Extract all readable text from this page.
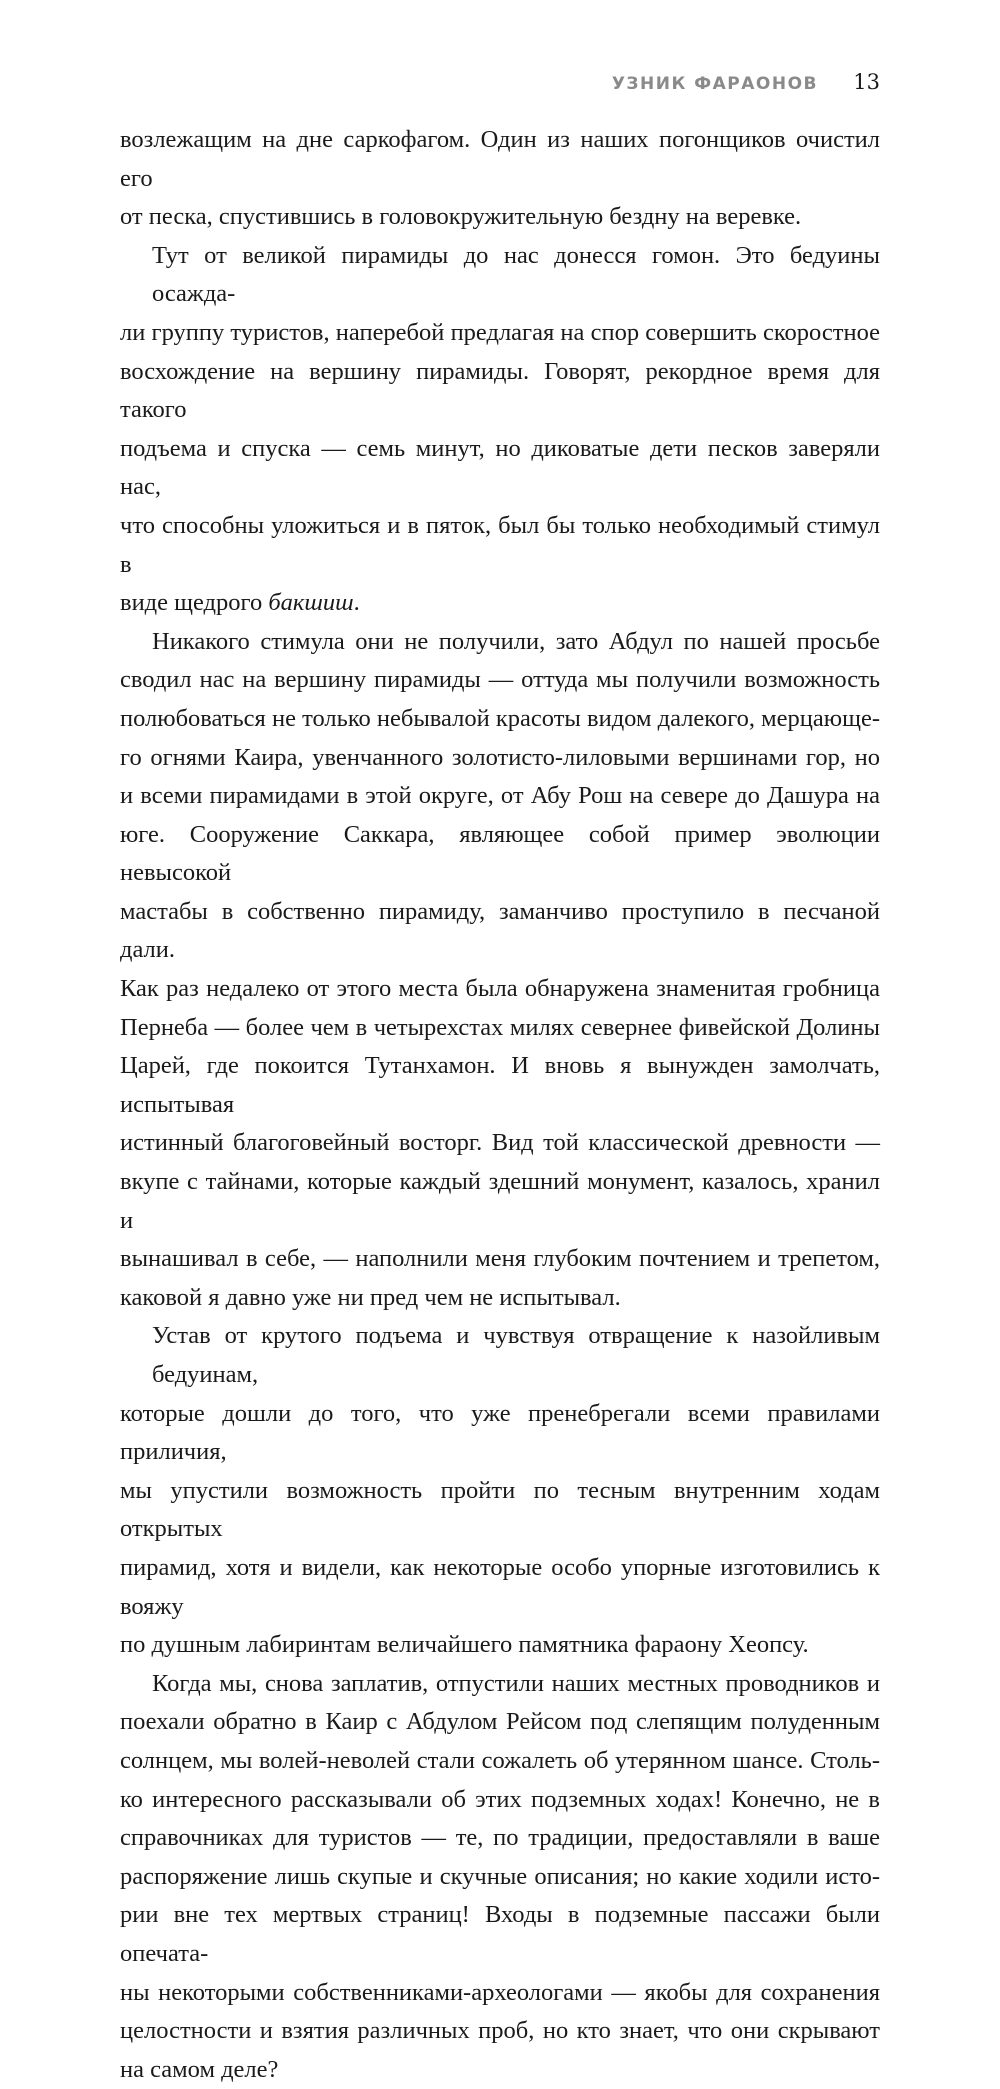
УЗНИК ФАРАОНОВ 13

возлежащим на дне саркофагом. Один из наших погонщиков очистил его
от песка, спустившись в головокружительную бездну на веревке.

Тут от великой пирамиды до нас донесся гомон. Это бедуины осажда-
ли группу туристов, наперебой предлагая на спор совершить скоростное
восхождение на вершину пирамиды. Говорят, рекордное время для такого
подъема и спуска — семь минут, но диковатые дети песков заверяли нас,
что способны уложиться и в пяток, был бы только необходимый стимул в
виде щедрого бакшиш.

Никакого стимула они не получили, зато Абдул по нашей просьбе
сводил нас на вершину пирамиды — оттуда мы получили возможность
полюбоваться не только небывалой красоты видом далекого, мерцающе-
го огнями Каира, увенчанного золотисто-лиловыми вершинами гор, но
и всеми пирамидами в этой округе, от Абу Рош на севере до Дашура на
юге. Сооружение Саккара, являющее собой пример эволюции невысокой
мастабы в собственно пирамиду, заманчиво проступило в песчаной дали.
Как раз недалеко от этого места была обнаружена знаменитая гробница
Пернеба — более чем в четырехстах милях севернее фивейской Долины
Царей, где покоится Тутанхамон. И вновь я вынужден замолчать, испытывая
истинный благоговейный восторг. Вид той классической древности —
вкупе с тайнами, которые каждый здешний монумент, казалось, хранил и
вынашивал в себе, — наполнили меня глубоким почтением и трепетом,
каковой я давно уже ни пред чем не испытывал.

Устав от крутого подъема и чувствуя отвращение к назойливым бедуинам,
которые дошли до того, что уже пренебрегали всеми правилами приличия,
мы упустили возможность пройти по тесным внутренним ходам открытых
пирамид, хотя и видели, как некоторые особо упорные изготовились к вояжу
по душным лабиринтам величайшего памятника фараону Хеопсу.

Когда мы, снова заплатив, отпустили наших местных проводников и
поехали обратно в Каир с Абдулом Рейсом под слепящим полуденным
солнцем, мы волей-неволей стали сожалеть об утерянном шансе. Столь-
ко интересного рассказывали об этих подземных ходах! Конечно, не в
справочниках для туристов — те, по традиции, предоставляли в ваше
распоряжение лишь скупые и скучные описания; но какие ходили исто-
рии вне тех мертвых страниц! Входы в подземные пассажи были опечата-
ны некоторыми собственниками-археологами — якобы для сохранения
целостности и взятия различных проб, но кто знает, что они скрывают
на самом деле?
